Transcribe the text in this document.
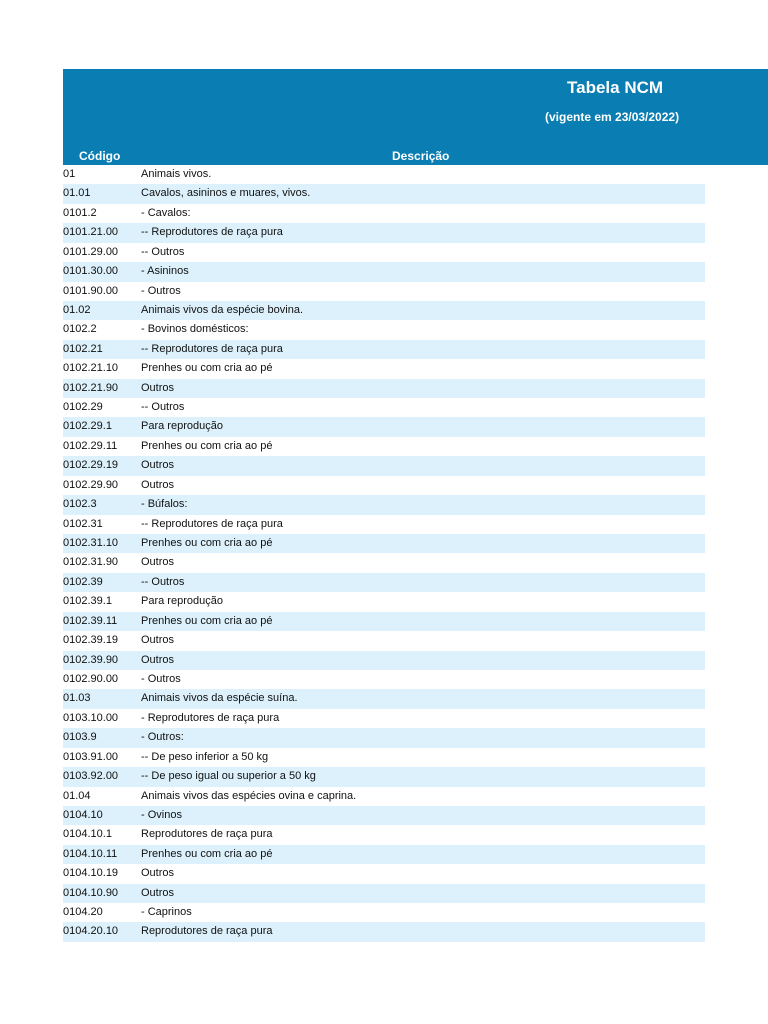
Tabela NCM
(vigente em 23/03/2022)
Código	Descrição
01	Animais vivos.
01.01	Cavalos, asininos e muares, vivos.
0101.2	- Cavalos:
0101.21.00 -- Reprodutores de raça pura
0101.29.00 -- Outros
0101.30.00 - Asininos
0101.90.00 - Outros
01.02	Animais vivos da espécie bovina.
0102.2	- Bovinos domésticos:
0102.21	-- Reprodutores de raça pura
0102.21.10 Prenhes ou com cria ao pé
0102.21.90 Outros
0102.29	-- Outros
0102.29.1	Para reprodução
0102.29.11 Prenhes ou com cria ao pé
0102.29.19 Outros
0102.29.90 Outros
0102.3	- Búfalos:
0102.31	-- Reprodutores de raça pura
0102.31.10 Prenhes ou com cria ao pé
0102.31.90 Outros
0102.39	-- Outros
0102.39.1	Para reprodução
0102.39.11 Prenhes ou com cria ao pé
0102.39.19 Outros
0102.39.90 Outros
0102.90.00 - Outros
01.03	Animais vivos da espécie suína.
0103.10.00 - Reprodutores de raça pura
0103.9	- Outros:
0103.91.00 -- De peso inferior a 50 kg
0103.92.00 -- De peso igual ou superior a 50 kg
01.04	Animais vivos das espécies ovina e caprina.
0104.10	- Ovinos
0104.10.1	Reprodutores de raça pura
0104.10.11 Prenhes ou com cria ao pé
0104.10.19 Outros
0104.10.90 Outros
0104.20	- Caprinos
0104.20.10 Reprodutores de raça pura
